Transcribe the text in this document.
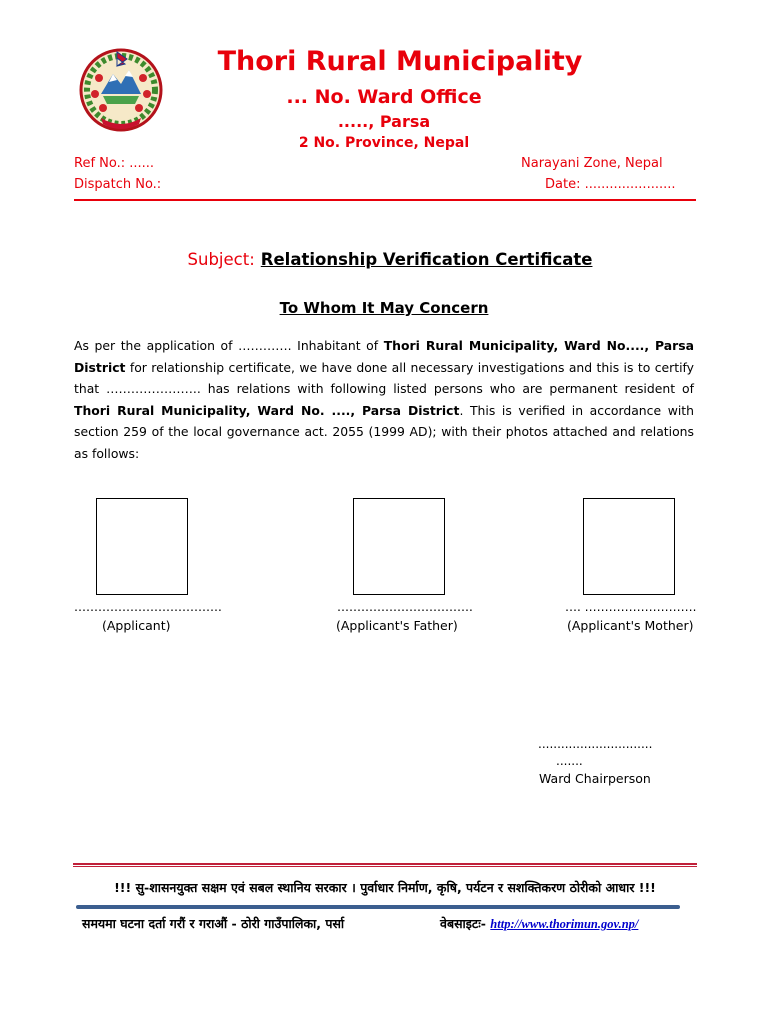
Thori Rural Municipality
... No. Ward Office
....., Parsa
2 No. Province, Nepal
Ref No.: ......
Dispatch No.:
Narayani Zone, Nepal
Date: ......................
Subject: Relationship Verification Certificate
To Whom It May Concern
As per the application of …………. Inhabitant of Thori Rural Municipality, Ward No...., Parsa District for relationship certificate, we have done all necessary investigations and this is to certify that ………………….. has relations with following listed persons who are permanent resident of Thori Rural Municipality, Ward No. ...., Parsa District. This is verified in accordance with section 259 of the local governance act. 2055 (1999 AD); with their photos attached and relations as follows:
……………………………….	…………………………….	…. ……………………….
(Applicant)	(Applicant's Father)	(Applicant's Mother)
..............................
.......
Ward Chairperson
!!! सु-शासनयुक्त सक्षम एवं सबल स्थानिय सरकार । पुर्वाधार निर्माण, कृषि, पर्यटन र सशक्तिकरण ठोरीको आधार !!!
समयमा घटना दर्ता गरौं र गराऔं - ठोरी गाउँपालिका, पर्सा	वेबसाइटः- http://www.thorimun.gov.np/
